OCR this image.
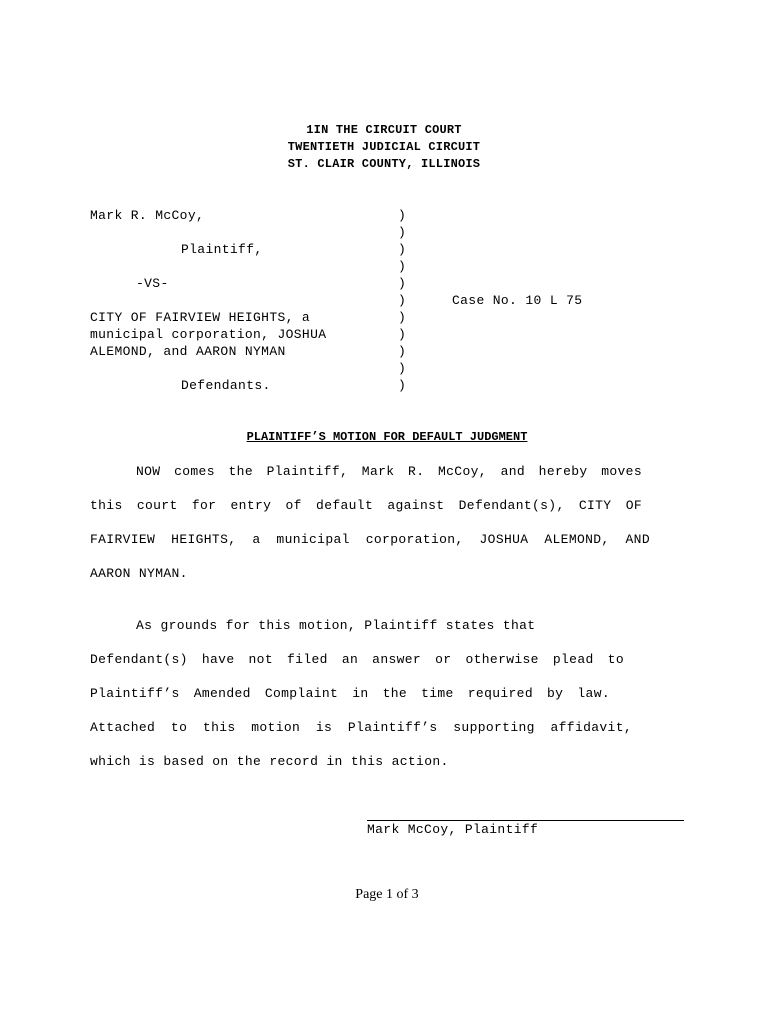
1IN THE CIRCUIT COURT
TWENTIETH JUDICIAL CIRCUIT
ST. CLAIR COUNTY, ILLINOIS
Mark R. McCoy,
Plaintiff,
-VS-
CITY OF FAIRVIEW HEIGHTS, a
municipal corporation, JOSHUA
ALEMOND, and AARON NYMAN
Defendants.
)
)
)
)
)
)
)
)
)
)
)
Case No. 10 L 75
PLAINTIFF’S MOTION FOR DEFAULT JUDGMENT
NOW comes the Plaintiff, Mark R. McCoy, and hereby moves
this court for entry of default against Defendant(s), CITY OF
FAIRVIEW HEIGHTS, a municipal corporation, JOSHUA ALEMOND, AND
AARON NYMAN.
As grounds for this motion, Plaintiff states that
Defendant(s) have not filed an answer or otherwise plead to
Plaintiff’s Amended Complaint in the time required by law.
Attached to this motion is Plaintiff’s supporting affidavit,
which is based on the record in this action.
Mark McCoy, Plaintiff
Page 1 of 3
